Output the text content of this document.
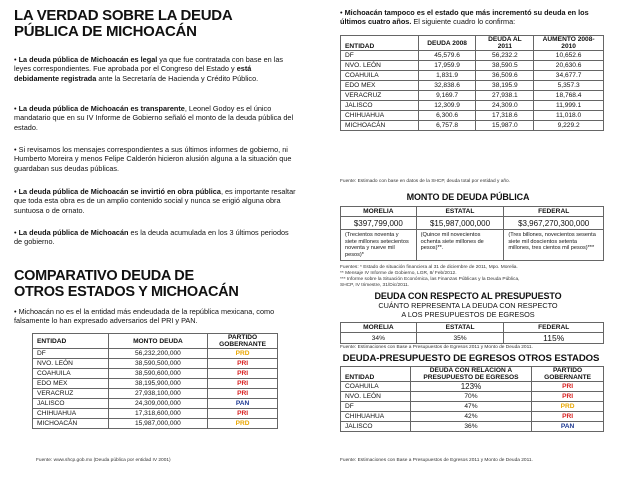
LA VERDAD SOBRE LA DEUDA
PÚBLICA DE MICHOACÁN
• La deuda pública de Michoacán es legal ya que fue contratada con base en las leyes correspondientes. Fue aprobada por el Congreso del Estado y está debidamente registrada ante la Secretaría de Hacienda y Crédito Público.
• La deuda pública de Michoacán es transparente, Leonel Godoy es el único mandatario que en su IV Informe de Gobierno señaló el monto de la deuda pública del estado.
• Si revisamos los mensajes correspondientes a sus últimos informes de gobierno, ni Humberto Moreira y menos Felipe Calderón hicieron alusión alguna a la situación que guardaban sus deudas públicas.
• La deuda pública de Michoacán se invirtió en obra pública, es importante resaltar que toda esta obra es de un amplio contenido social y nunca se erigió alguna obra suntuosa o de ornato.
• La deuda pública de Michoacán es la deuda acumulada en los 3 últimos periodos de gobierno.
COMPARATIVO DEUDA DE
OTROS ESTADOS Y MICHOACÁN
• Michoacán no es el la entidad más endeudada de la república mexicana, como falsamente lo han expresado adversarios del PRI y PAN.
ENTIDAD	MONTO DEUDA	PARTIDO GOBERNANTE
DF	56,232,200,000	PRD
NVO. LEÓN	38,590,500,000	PRI
COAHUILA	38,590,600,000	PRI
EDO MEX	38,195,900,000	PRI
VERACRUZ	27,938,100,000	PRI
JALISCO	24,309,000,000	PAN
CHIHUAHUA	17,318,600,000	PRI
MICHOACÁN	15,987,000,000	PRD
Fuente: www.shcp.gob.mx (Deuda pública por entidad IV 2001)
• Michoacán tampoco es el estado que más incrementó su deuda en los últimos cuatro años. El siguiente cuadro lo confirma:
ENTIDAD	DEUDA 2008	DEUDA AL 2011	AUMENTO 2008-2010
DF	45,579.6	56,232.2	10,652.6
NVO. LEÓN	17,959.9	38,590.5	20,630.6
COAHUILA	1,831.9	36,509.6	34,677.7
EDO MEX	32,838.6	38,195.9	5,357.3
VERACRUZ	9,169.7	27,938.1	18,768.4
JALISCO	12,309.9	24,309.0	11,999.1
CHIHUAHUA	6,300.6	17,318.6	11,018.0
MICHOACÁN	6,757.8	15,987.0	9,229.2
Fuente: Estimado con base en datos de la SHCP, deuda total por entidad y año.
MONTO DE DEUDA PÚBLICA
MORELIA	ESTATAL	FEDERAL
$397,799,000	$15,987,000,000	$3,967,270,300,000
(Trecientos noventa y siete millones setecientos noventa y nueve mil pesos)*	(Quince mil novecientos ochenta siete millones de pesos)**.	(Tres billones, novecientos sesenta siete mil doscientos setenta millones, tres cientos mil pesos)***
Fuentes: * Estado de situación financiera al 31 de diciembre de 2011, Mpo. Morelia.
** Mensaje IV Informe de Gobierno, LGR, 8/ Feb/2012.
*** Informe sobre la Situación Económica, las Finanzas Públicas y la Deuda Pública,
SHCP, IV trimestre, 31/Dic/2011.
DEUDA CON RESPECTO AL PRESUPUESTO
CUÁNTO REPRESENTA LA DEUDA CON RESPECTO
A LOS PRESUPUESTOS DE EGRESOS
MORELIA	ESTATAL	FEDERAL
34%	35%	115%
Fuente: Estimaciones con Base a Presupuestos de Egresos 2011 y Monto de Deuda 2011.
DEUDA-PRESUPUESTO DE EGRESOS OTROS ESTADOS
ENTIDAD	DEUDA CON RELACION A PRESUPUESTO DE EGRESOS	PARTIDO GOBERNANTE
COAHUILA	123%	PRI
NVO. LEÓN	70%	PRI
DF	47%	PRD
CHIHUAHUA	42%	PRI
JALISCO	36%	PAN
Fuente: Estimaciones con Base a Presupuestos de Egresos 2011 y Monto de Deuda 2011.
